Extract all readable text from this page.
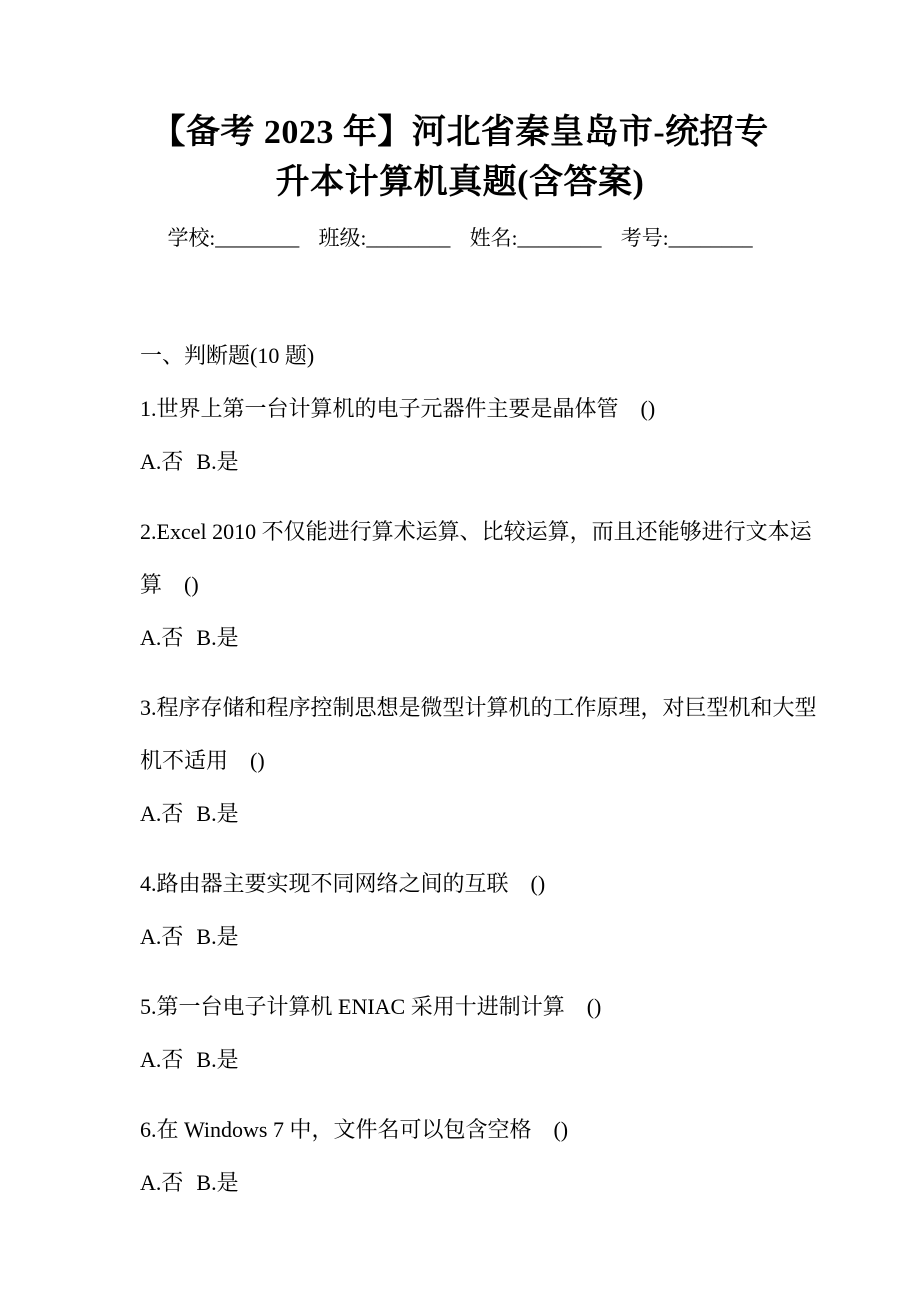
【备考 2023 年】河北省秦皇岛市-统招专
升本计算机真题(含答案)
学校:________ 班级:________ 姓名:________ 考号:________
一、判断题(10 题)

1.世界上第一台计算机的电子元器件主要是晶体管　()

A.否 B.是

2.Excel 2010 不仅能进行算术运算、比较运算，而且还能够进行文本运

算　()

A.否 B.是

3.程序存储和程序控制思想是微型计算机的工作原理，对巨型机和大型

机不适用　()

A.否 B.是

4.路由器主要实现不同网络之间的互联　()

A.否 B.是

5.第一台电子计算机 ENIAC 采用十进制计算　()

A.否 B.是

6.在 Windows 7 中，文件名可以包含空格　()

A.否 B.是
